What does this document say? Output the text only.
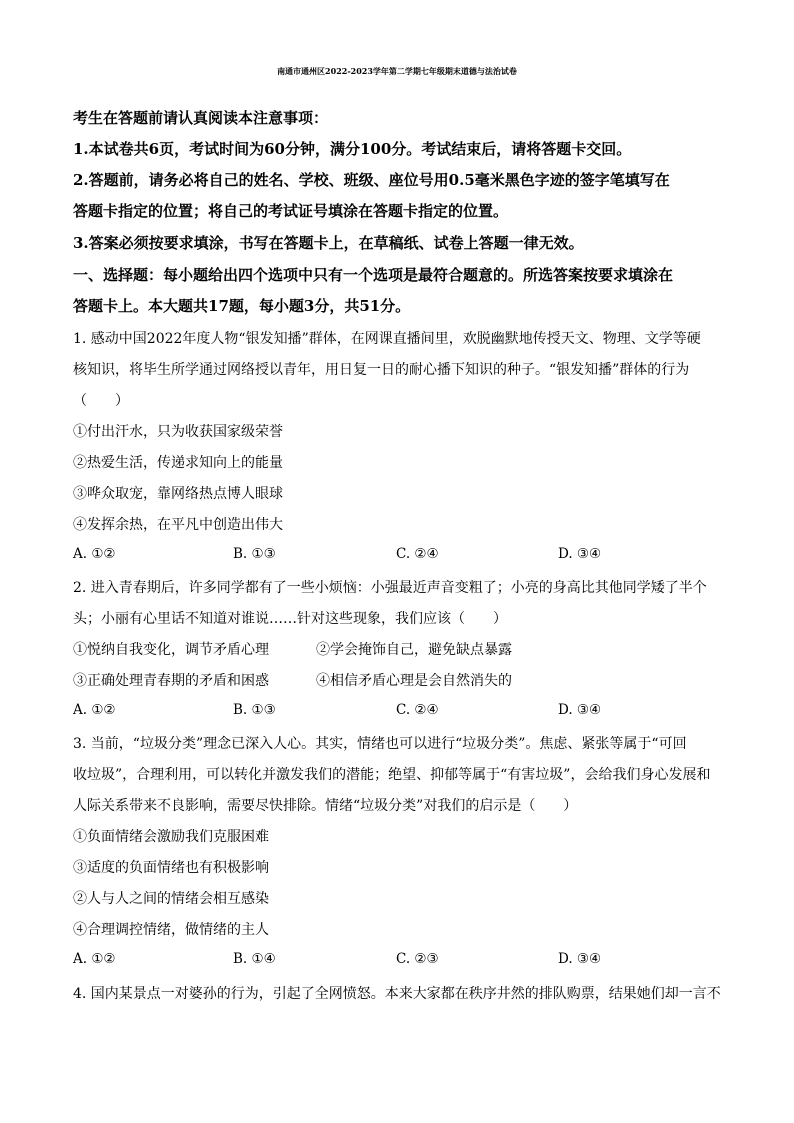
南通市通州区2022-2023学年第二学期七年级期末道德与法治试卷
考生在答题前请认真阅读本注意事项：
1.本试卷共6页，考试时间为60分钟，满分100分。考试结束后，请将答题卡交回。
2.答题前，请务必将自己的姓名、学校、班级、座位号用0.5毫米黑色字迹的签字笔填写在
答题卡指定的位置；将自己的考试证号填涂在答题卡指定的位置。
3.答案必须按要求填涂，书写在答题卡上，在草稿纸、试卷上答题一律无效。
一、选择题：每小题给出四个选项中只有一个选项是最符合题意的。所选答案按要求填涂在
答题卡上。本大题共17题，每小题3分，共51分。
1. 感动中国2022年度人物“银发知播”群体，在网课直播间里，欢脱幽默地传授天文、物理、文学等硬
核知识，将毕生所学通过网络授以青年，用日复一日的耐心播下知识的种子。“银发知播”群体的行为
（　　）
①付出汗水，只为收获国家级荣誉
②热爱生活，传递求知向上的能量
③哗众取宠，靠网络热点博人眼球
④发挥余热，在平凡中创造出伟大
A. ①②	B. ①③	C. ②④	D. ③④
2. 进入青春期后，许多同学都有了一些小烦恼：小强最近声音变粗了；小亮的身高比其他同学矮了半个
头；小丽有心里话不知道对谁说……针对这些现象，我们应该（　　）
①悦纳自我变化，调节矛盾心理	②学会掩饰自己，避免缺点暴露
③正确处理青春期的矛盾和困惑	④相信矛盾心理是会自然消失的
A. ①②	B. ①③	C. ②④	D. ③④
3. 当前，“垃圾分类”理念已深入人心。其实，情绪也可以进行“垃圾分类”。焦虑、紧张等属于“可回
收垃圾”，合理利用，可以转化并激发我们的潜能；绝望、抑郁等属于“有害垃圾”，会给我们身心发展和
人际关系带来不良影响，需要尽快排除。情绪“垃圾分类”对我们的启示是（　　）
①负面情绪会激励我们克服困难
③适度的负面情绪也有积极影响
②人与人之间的情绪会相互感染
④合理调控情绪，做情绪的主人
A. ①②	B. ①④	C. ②③	D. ③④
4. 国内某景点一对婆孙的行为，引起了全网愤怒。本来大家都在秩序井然的排队购票，结果她们却一言不
